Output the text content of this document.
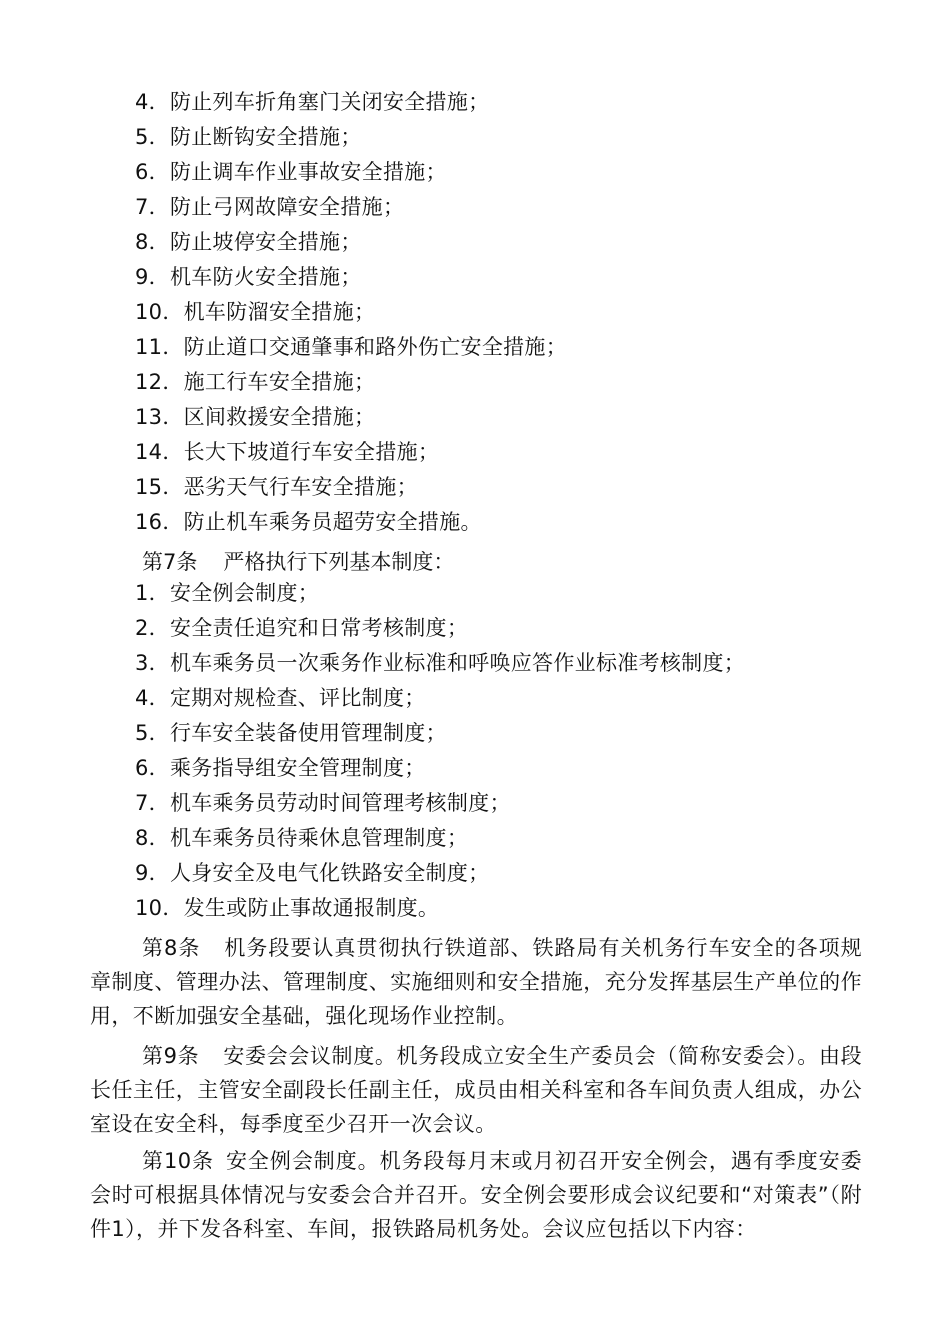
4．防止列车折角塞门关闭安全措施；
5．防止断钩安全措施；
6．防止调车作业事故安全措施；
7．防止弓网故障安全措施；
8．防止坡停安全措施；
9．机车防火安全措施；
10．机车防溜安全措施；
11．防止道口交通肇事和路外伤亡安全措施；
12．施工行车安全措施；
13．区间救援安全措施；
14．长大下坡道行车安全措施；
15．恶劣天气行车安全措施；
16．防止机车乘务员超劳安全措施。
第7条 严格执行下列基本制度：
1．安全例会制度；
2．安全责任追究和日常考核制度；
3．机车乘务员一次乘务作业标准和呼唤应答作业标准考核制度；
4．定期对规检查、评比制度；
5．行车安全装备使用管理制度；
6．乘务指导组安全管理制度；
7．机车乘务员劳动时间管理考核制度；
8．机车乘务员待乘休息管理制度；
9．人身安全及电气化铁路安全制度；
10．发生或防止事故通报制度。
第8条 机务段要认真贯彻执行铁道部、铁路局有关机务行车安全的各项规章制度、管理办法、管理制度、实施细则和安全措施，充分发挥基层生产单位的作用，不断加强安全基础，强化现场作业控制。
第9条 安委会会议制度。机务段成立安全生产委员会（简称安委会）。由段长任主任，主管安全副段长任副主任，成员由相关科室和各车间负责人组成，办公室设在安全科，每季度至少召开一次会议。
第10条 安全例会制度。机务段每月末或月初召开安全例会，遇有季度安委会时可根据具体情况与安委会合并召开。安全例会要形成会议纪要和“对策表”（附件1），并下发各科室、车间，报铁路局机务处。会议应包括以下内容：
